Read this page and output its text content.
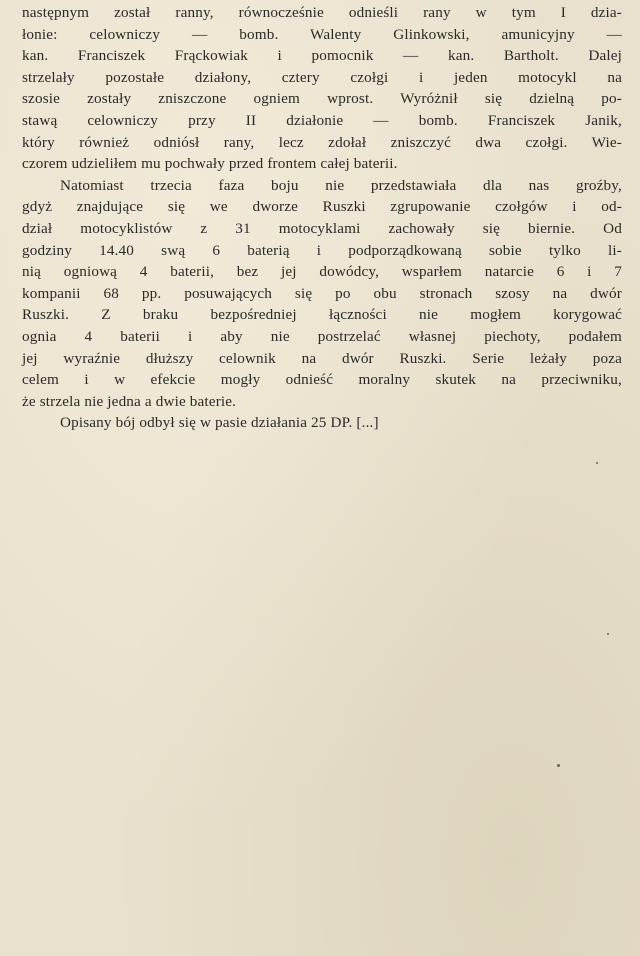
następnym został ranny, równocześnie odnieśli rany w tym I dzia-
łonie: celowniczy — bomb. Walenty Glinkowski, amunicyjny —
kan. Franciszek Frąckowiak i pomocnik — kan. Bartholt. Dalej
strzelały pozostałe działony, cztery czołgi i jeden motocykl na
szosie zostały zniszczone ogniem wprost. Wyróżnił się dzielną po-
stawą celowniczy przy II działonie — bomb. Franciszek Janik,
który również odniósł rany, lecz zdołał zniszczyć dwa czołgi. Wie-
czorem udzieliłem mu pochwały przed frontem całej baterii.
Natomiast trzecia faza boju nie przedstawiała dla nas groźby,
gdyż znajdujące się we dworze Ruszki zgrupowanie czołgów i od-
dział motocyklistów z 31 motocyklami zachowały się biernie. Od
godziny 14.40 swą 6 baterią i podporządkowaną sobie tylko li-
nią ogniową 4 baterii, bez jej dowódcy, wsparłem natarcie 6 i 7
kompanii 68 pp. posuwających się po obu stronach szosy na dwór
Ruszki. Z braku bezpośredniej łączności nie mogłem korygować
ognia 4 baterii i aby nie postrzelać własnej piechoty, podałem
jej wyraźnie dłuższy celownik na dwór Ruszki. Serie leżały poza
celem i w efekcie mogły odnieść moralny skutek na przeciwniku,
że strzela nie jedna a dwie baterie.
Opisany bój odbył się w pasie działania 25 DP. [...]
